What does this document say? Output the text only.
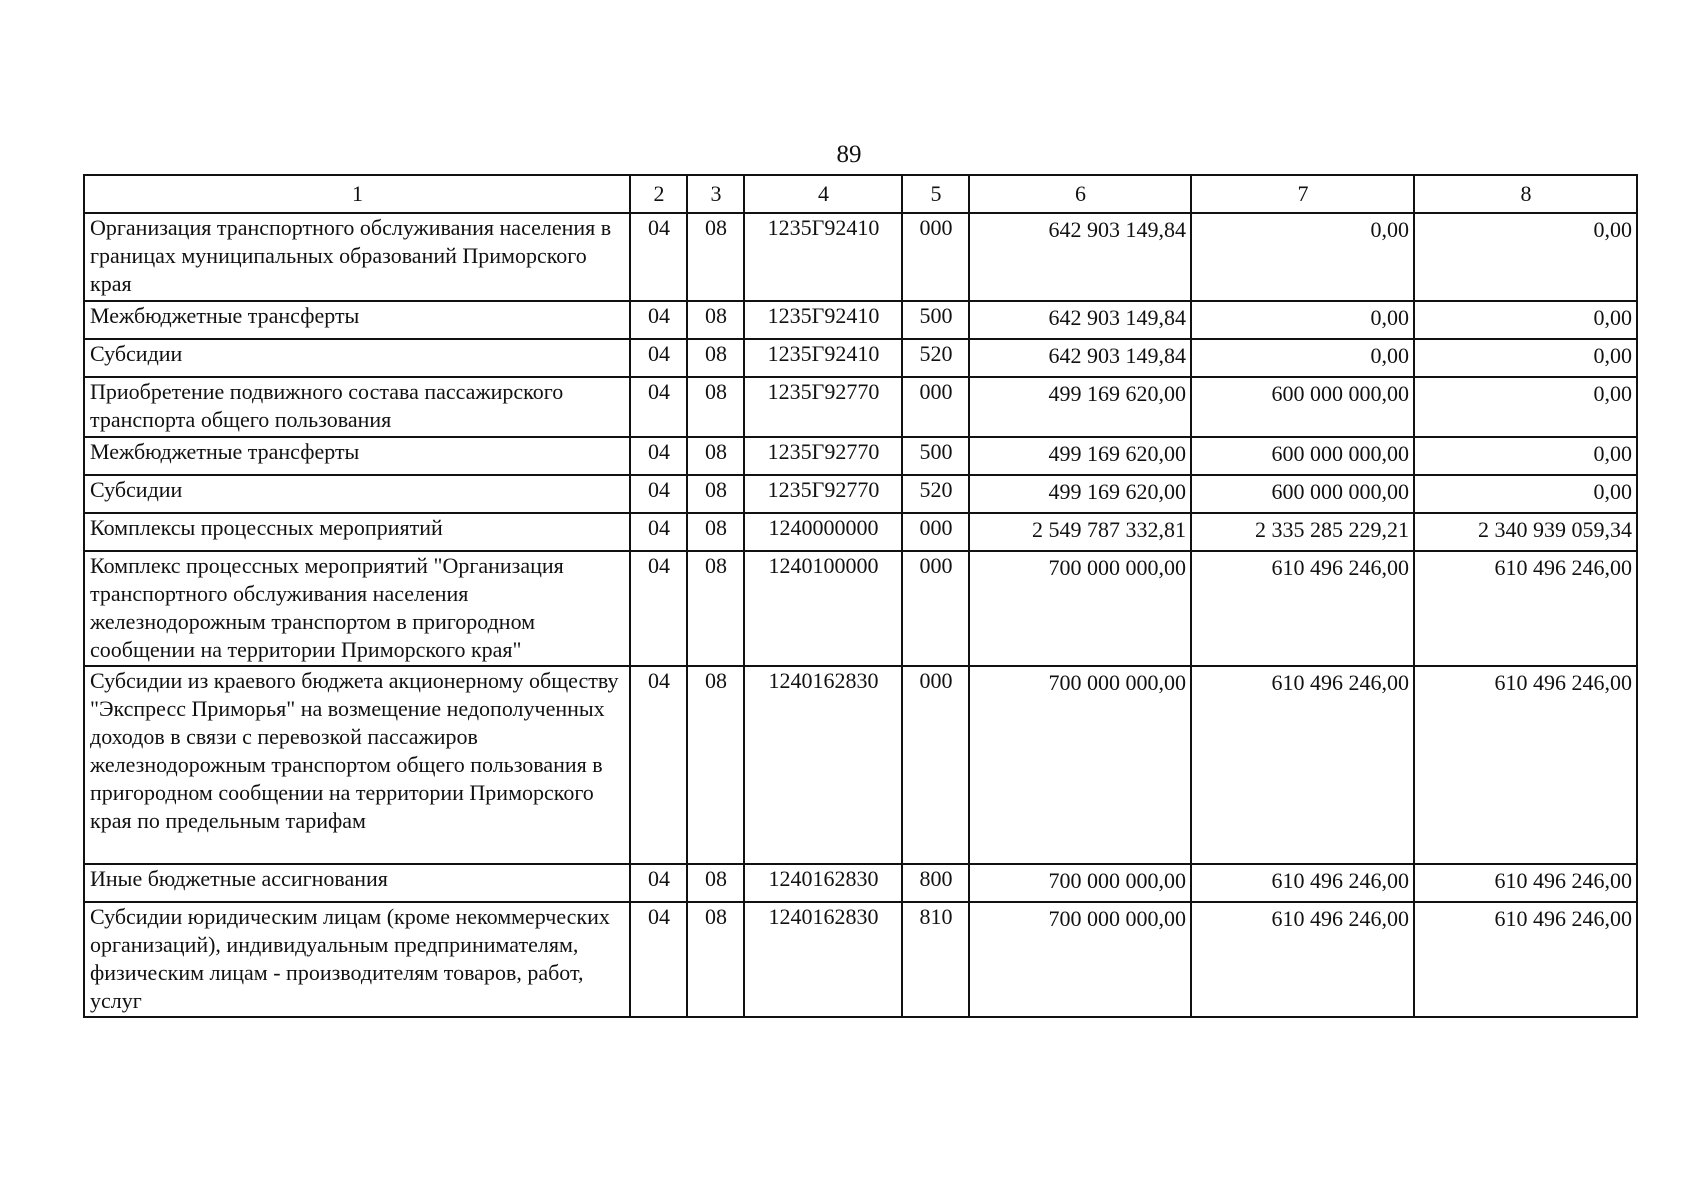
89
1	2	3	4	5	6	7	8
Организация транспортного обслуживания населения в границах муниципальных образований Приморского края	04	08	1235Г92410	000	642 903 149,84	0,00	0,00
Межбюджетные трансферты	04	08	1235Г92410	500	642 903 149,84	0,00	0,00
Субсидии	04	08	1235Г92410	520	642 903 149,84	0,00	0,00
Приобретение подвижного состава пассажирского транспорта общего пользования	04	08	1235Г92770	000	499 169 620,00	600 000 000,00	0,00
Межбюджетные трансферты	04	08	1235Г92770	500	499 169 620,00	600 000 000,00	0,00
Субсидии	04	08	1235Г92770	520	499 169 620,00	600 000 000,00	0,00
Комплексы процессных мероприятий	04	08	1240000000	000	2 549 787 332,81	2 335 285 229,21	2 340 939 059,34
Комплекс процессных мероприятий "Организация транспортного обслуживания населения железнодорожным транспортом в пригородном сообщении на территории Приморского края"	04	08	1240100000	000	700 000 000,00	610 496 246,00	610 496 246,00
Субсидии из краевого бюджета акционерному обществу "Экспресс Приморья" на возмещение недополученных доходов в связи с перевозкой пассажиров железнодорожным транспортом общего пользования в пригородном сообщении на территории Приморского края по предельным тарифам	04	08	1240162830	000	700 000 000,00	610 496 246,00	610 496 246,00
Иные бюджетные ассигнования	04	08	1240162830	800	700 000 000,00	610 496 246,00	610 496 246,00
Субсидии юридическим лицам (кроме некоммерческих организаций), индивидуальным предпринимателям, физическим лицам - производителям товаров, работ, услуг	04	08	1240162830	810	700 000 000,00	610 496 246,00	610 496 246,00
